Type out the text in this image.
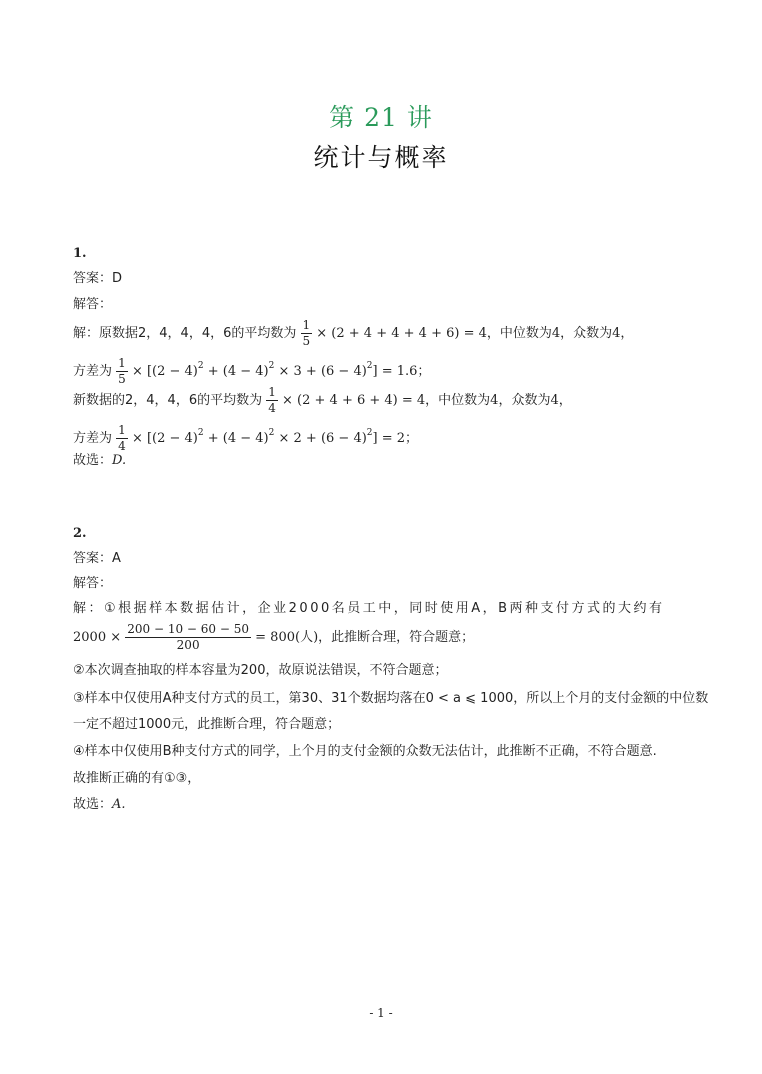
第 21 讲
统计与概率
1.
答案：D
解答：
解：原数据2，4，4，4，6的平均数为 $\frac{1}{5} \times (2 + 4 + 4 + 4 + 6) = 4$，中位数为4，众数为4，
方差为 $\frac{1}{5} \times [(2 - 4)^2 + (4 - 4)^2 \times 3 + (6 - 4)^2] = 1.6$；
新数据的2，4，4，6的平均数为 $\frac{1}{4} \times (2 + 4 + 6 + 4) = 4$，中位数为4，众数为4，
方差为 $\frac{1}{4} \times [(2 - 4)^2 + (4 - 4)^2 \times 2 + (6 - 4)^2] = 2$；
故选：D.
2.
答案：A
解答：
解：①根据样本数据估计，企业2000名员工中，同时使用A，B两种支付方式的大约有
$2000 \times \frac{200 - 10 - 60 - 50}{200} = 800$(人)，此推断合理，符合题意；
②本次调查抽取的样本容量为200，故原说法错误，不符合题意；
③样本中仅使用A种支付方式的员工，第30、31个数据均落在0 < a ⩽ 1000，所以上个月的支付金额的中位数
一定不超过1000元，此推断合理，符合题意；
④样本中仅使用B种支付方式的同学，上个月的支付金额的众数无法估计，此推断不正确，不符合题意.
故推断正确的有①③，
故选：A.
- 1 -
